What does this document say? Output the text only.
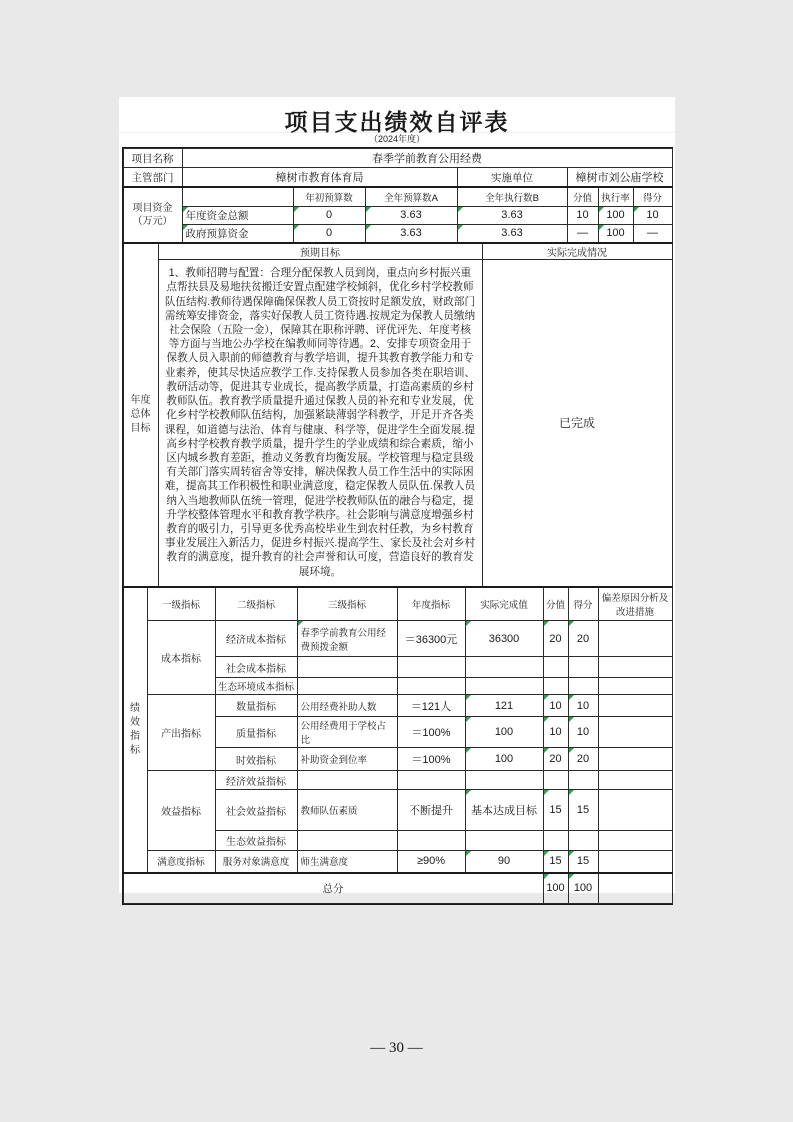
项目支出绩效自评表
（2024年度）
项目名称	春季学前教育公用经费						
主管部门	樟树市教育体育局			实施单位	樟树市刘公庙学校		
项目资金（万元）		年初预算数	全年预算数A	全年执行数B	分值	执行率	得分
	年度资金总额	0	3.63	3.63	10	100	10
	政府预算资金	0	3.63	3.63	—	100	—
年度总体目标	预期目标	实际完成情况
	1、教师招聘与配置：合理分配保教人员到岗，重点向乡村振兴重点帮扶县及易地扶贫搬迁安置点配建学校倾斜，优化乡村学校教师队伍结构.教师待遇保障确保保教人员工资按时足额发放，财政部门需统筹安排资金，落实好保教人员工资待遇.按规定为保教人员缴纳社会保险（五险一金），保障其在职称评聘、评优评先、年度考核等方面与当地公办学校在编教师同等待遇。2、安排专项资金用于保教人员入职前的师德教育与教学培训，提升其教育教学能力和专业素养，使其尽快适应教学工作.支持保教人员参加各类在职培训、教研活动等，促进其专业成长，提高教学质量，打造高素质的乡村教师队伍。教育教学质量提升通过保教人员的补充和专业发展，优化乡村学校教师队伍结构，加强紧缺薄弱学科教学，开足开齐各类课程，如道德与法治、体育与健康、科学等，促进学生全面发展.提高乡村学校教育教学质量，提升学生的学业成绩和综合素质，缩小区内城乡教育差距，推动义务教育均衡发展。学校管理与稳定县级有关部门落实周转宿舍等安排，解决保教人员工作生活中的实际困难，提高其工作积极性和职业满意度，稳定保教人员队伍.保教人员纳入当地教师队伍统一管理，促进学校教师队伍的融合与稳定，提升学校整体管理水平和教育教学秩序。社会影响与满意度增强乡村教育的吸引力，引导更多优秀高校毕业生到农村任教，为乡村教育事业发展注入新活力，促进乡村振兴.提高学生、家长及社会对乡村教育的满意度，提升教育的社会声誉和认可度，营造良好的教育发展环境。	已完成
绩效指标	一级指标	二级指标	三级指标	年度指标	实际完成值	分值	得分	偏差原因分析及改进措施
	成本指标	经济成本指标	春季学前教育公用经费预拨金额	＝36300元	36300	20	20	
		社会成本指标						
		生态环境成本指标						
	产出指标	数量指标	公用经费补助人数	＝121人	121	10	10	
		质量指标	公用经费用于学校占比	＝100%	100	10	10	
		时效指标	补助资金到位率	＝100%	100	20	20	
	效益指标	经济效益指标						
		社会效益指标	教师队伍素质	不断提升	基本达成目标	15	15	
		生态效益指标						
	满意度指标	服务对象满意度	师生满意度	≥90%	90	15	15	
总分						100	100	
— 30 —
